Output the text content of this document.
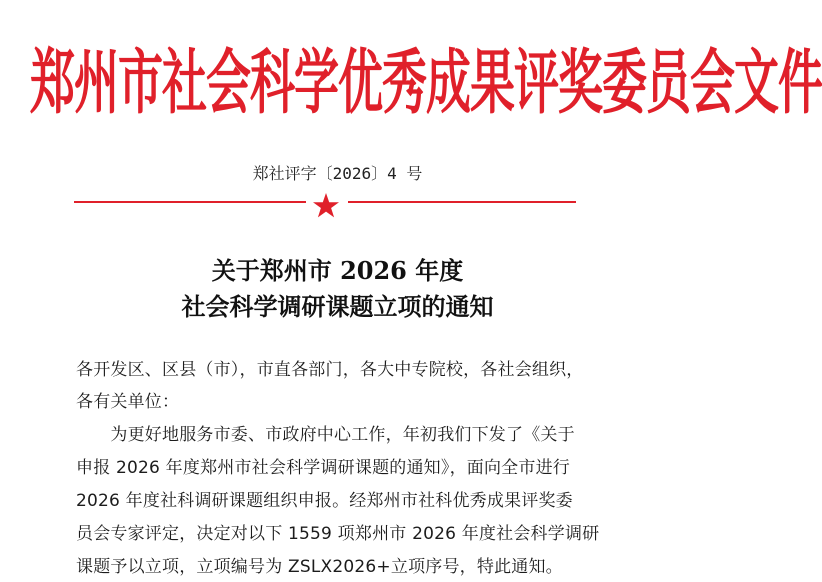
郑州市社会科学优秀成果评奖委员会文件
郑社评字〔2026〕4 号
关于郑州市 2026 年度
社会科学调研课题立项的通知
各开发区、区县（市），市直各部门，各大中专院校，各社会组织，
各有关单位：
　　为更好地服务市委、市政府中心工作，年初我们下发了《关于
申报 2026 年度郑州市社会科学调研课题的通知》，面向全市进行
2026 年度社科调研课题组织申报。经郑州市社科优秀成果评奖委
员会专家评定，决定对以下 1559 项郑州市 2026 年度社会科学调研
课题予以立项，立项编号为 ZSLX2026+立项序号，特此通知。
